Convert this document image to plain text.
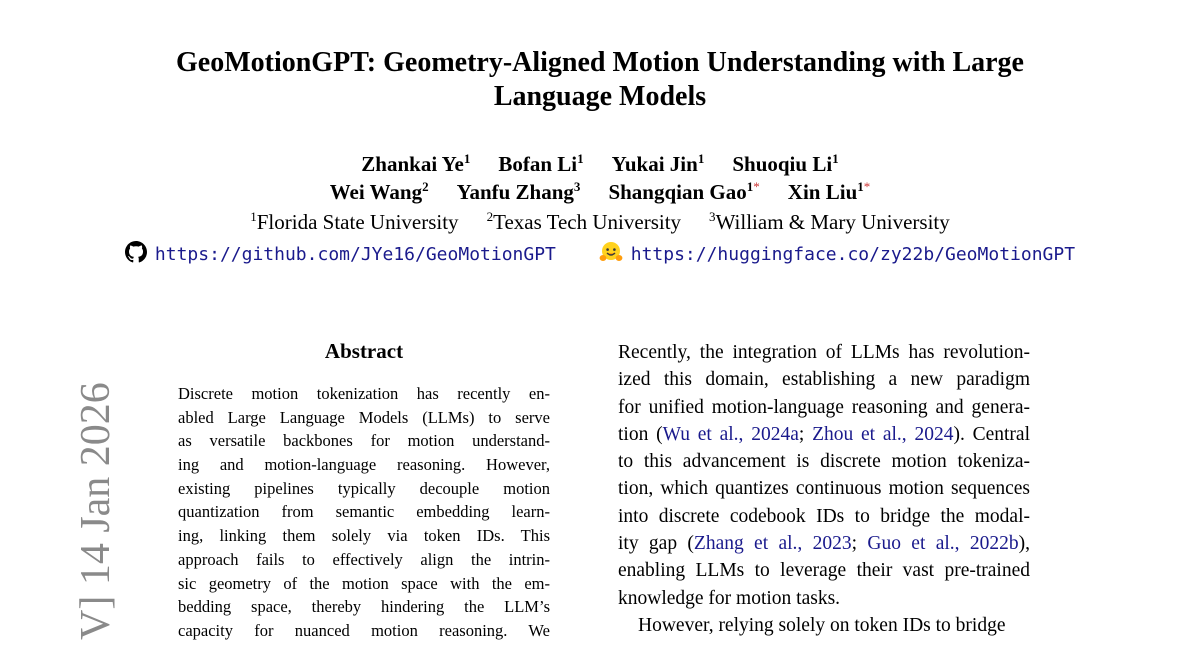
GeoMotionGPT: Geometry-Aligned Motion Understanding with Large
Language Models
Zhankai Ye$^1$ Bofan Li$^1$ Yukai Jin$^1$ Shuoqiu Li$^1$
Wei Wang$^2$ Yanfu Zhang$^3$ Shangqian Gao$^{1*}$ Xin Liu$^{1*}$
$^1$Florida State University $^2$Texas Tech University $^3$William & Mary University
https://github.com/JYe16/GeoMotionGPT	https://huggingface.co/zy22b/GeoMotionGPT
V] 14 Jan 2026
Abstract
Discrete motion tokenization has recently en-
abled Large Language Models (LLMs) to serve
as versatile backbones for motion understand-
ing and motion-language reasoning. However,
existing pipelines typically decouple motion
quantization from semantic embedding learn-
ing, linking them solely via token IDs. This
approach fails to effectively align the intrin-
sic geometry of the motion space with the em-
bedding space, thereby hindering the LLM’s
capacity for nuanced motion reasoning. We
Recently, the integration of LLMs has revolution-
ized this domain, establishing a new paradigm
for unified motion-language reasoning and genera-
tion (Wu et al., 2024a; Zhou et al., 2024). Central
to this advancement is discrete motion tokeniza-
tion, which quantizes continuous motion sequences
into discrete codebook IDs to bridge the modal-
ity gap (Zhang et al., 2023; Guo et al., 2022b),
enabling LLMs to leverage their vast pre-trained
knowledge for motion tasks.
However, relying solely on token IDs to bridge
